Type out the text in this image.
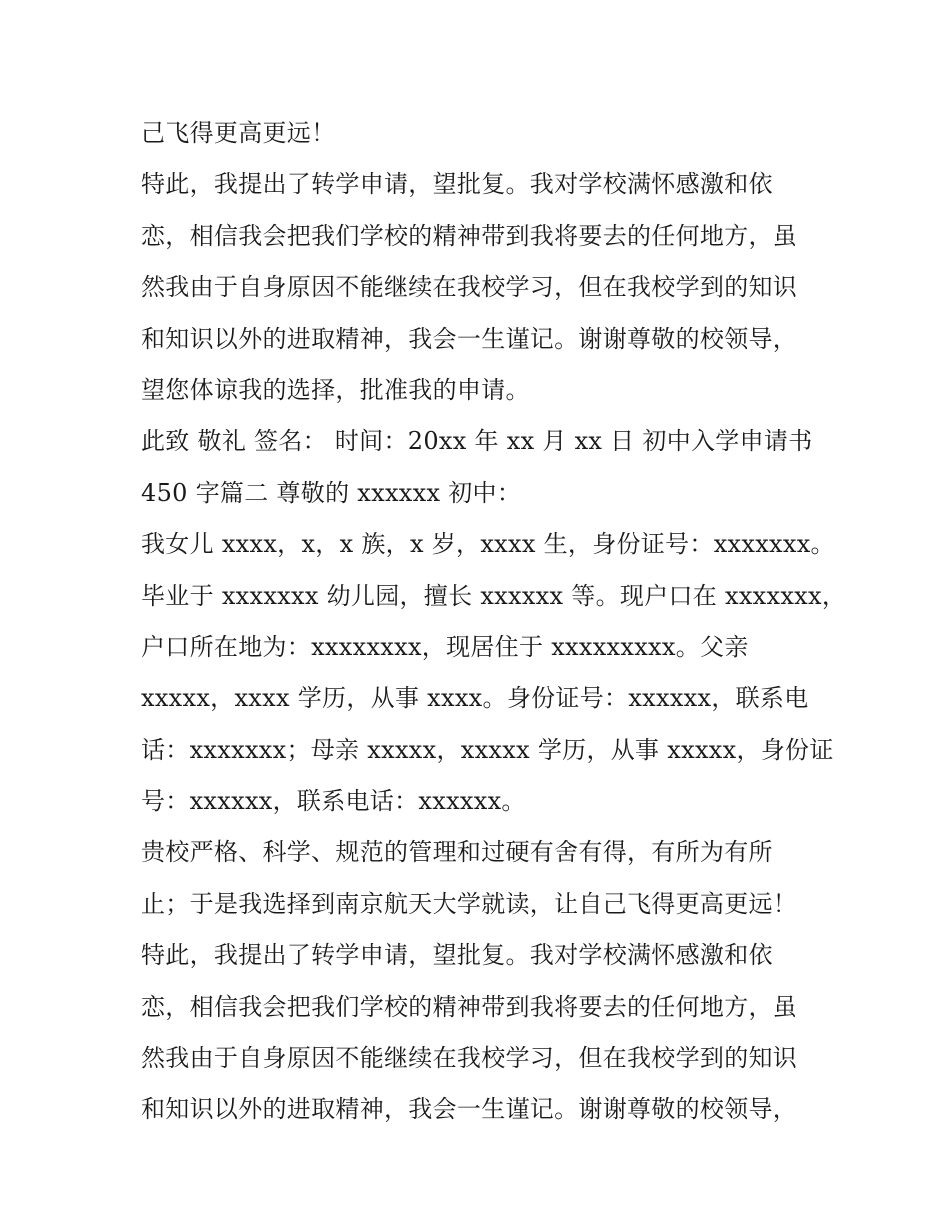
己飞得更高更远！
特此，我提出了转学申请，望批复。我对学校满怀感激和依
恋，相信我会把我们学校的精神带到我将要去的任何地方，虽
然我由于自身原因不能继续在我校学习，但在我校学到的知识
和知识以外的进取精神，我会一生谨记。谢谢尊敬的校领导，
望您体谅我的选择，批准我的申请。
此致 敬礼 签名： 时间：20xx 年 xx 月 xx 日 初中入学申请书
450 字篇二 尊敬的 xxxxxx 初中：
我女儿 xxxx，x，x 族，x 岁，xxxx 生，身份证号：xxxxxxx。
毕业于 xxxxxxx 幼儿园，擅长 xxxxxx 等。现户口在 xxxxxxx，
户口所在地为：xxxxxxxx，现居住于 xxxxxxxxx。父亲
xxxxx，xxxx 学历，从事 xxxx。身份证号：xxxxxx，联系电
话：xxxxxxx；母亲 xxxxx，xxxxx 学历，从事 xxxxx，身份证
号：xxxxxx，联系电话：xxxxxx。
贵校严格、科学、规范的管理和过硬有舍有得，有所为有所
止；于是我选择到南京航天大学就读，让自己飞得更高更远！
特此，我提出了转学申请，望批复。我对学校满怀感激和依
恋，相信我会把我们学校的精神带到我将要去的任何地方，虽
然我由于自身原因不能继续在我校学习，但在我校学到的知识
和知识以外的进取精神，我会一生谨记。谢谢尊敬的校领导，
